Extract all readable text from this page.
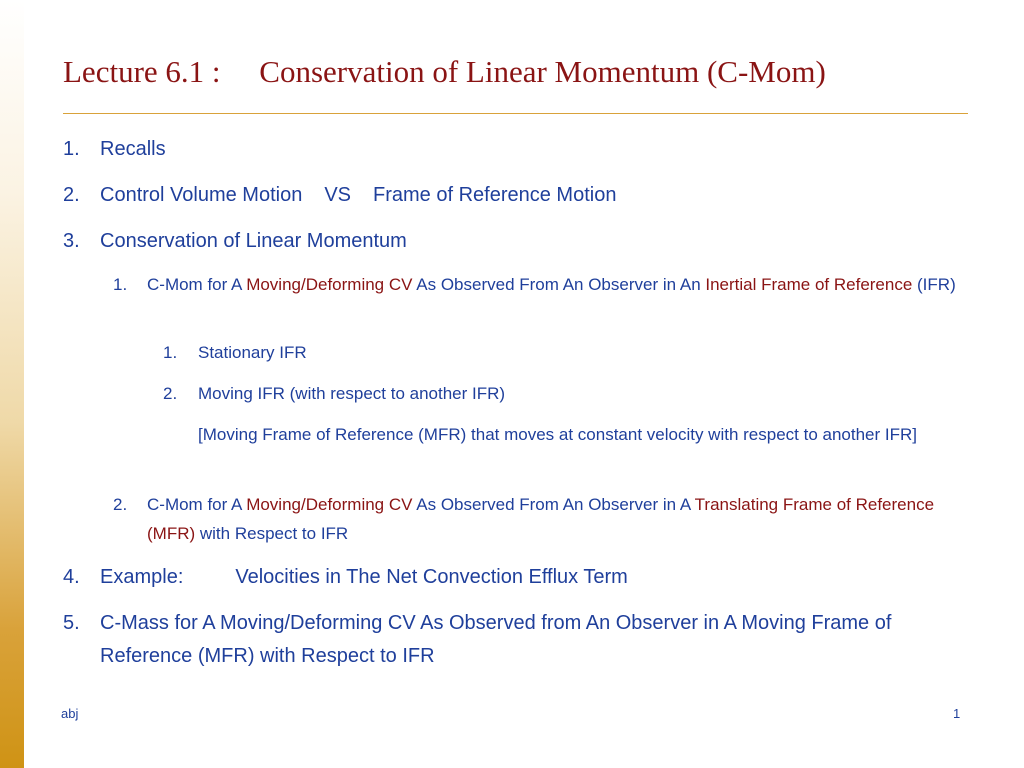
Lecture 6.1 : Conservation of Linear Momentum (C-Mom)
1. Recalls
2. Control Volume Motion VS Frame of Reference Motion
3. Conservation of Linear Momentum
1. C-Mom for A Moving/Deforming CV As Observed From An Observer in An Inertial Frame of Reference (IFR)
1. Stationary IFR
2. Moving IFR (with respect to another IFR)
[Moving Frame of Reference (MFR) that moves at constant velocity with respect to another IFR]
2. C-Mom for A Moving/Deforming CV As Observed From An Observer in A Translating Frame of Reference (MFR) with Respect to IFR
4. Example:	Velocities in The Net Convection Efflux Term
5. C-Mass for A Moving/Deforming CV As Observed from An Observer in A Moving Frame of Reference (MFR) with Respect to IFR
abj	1
